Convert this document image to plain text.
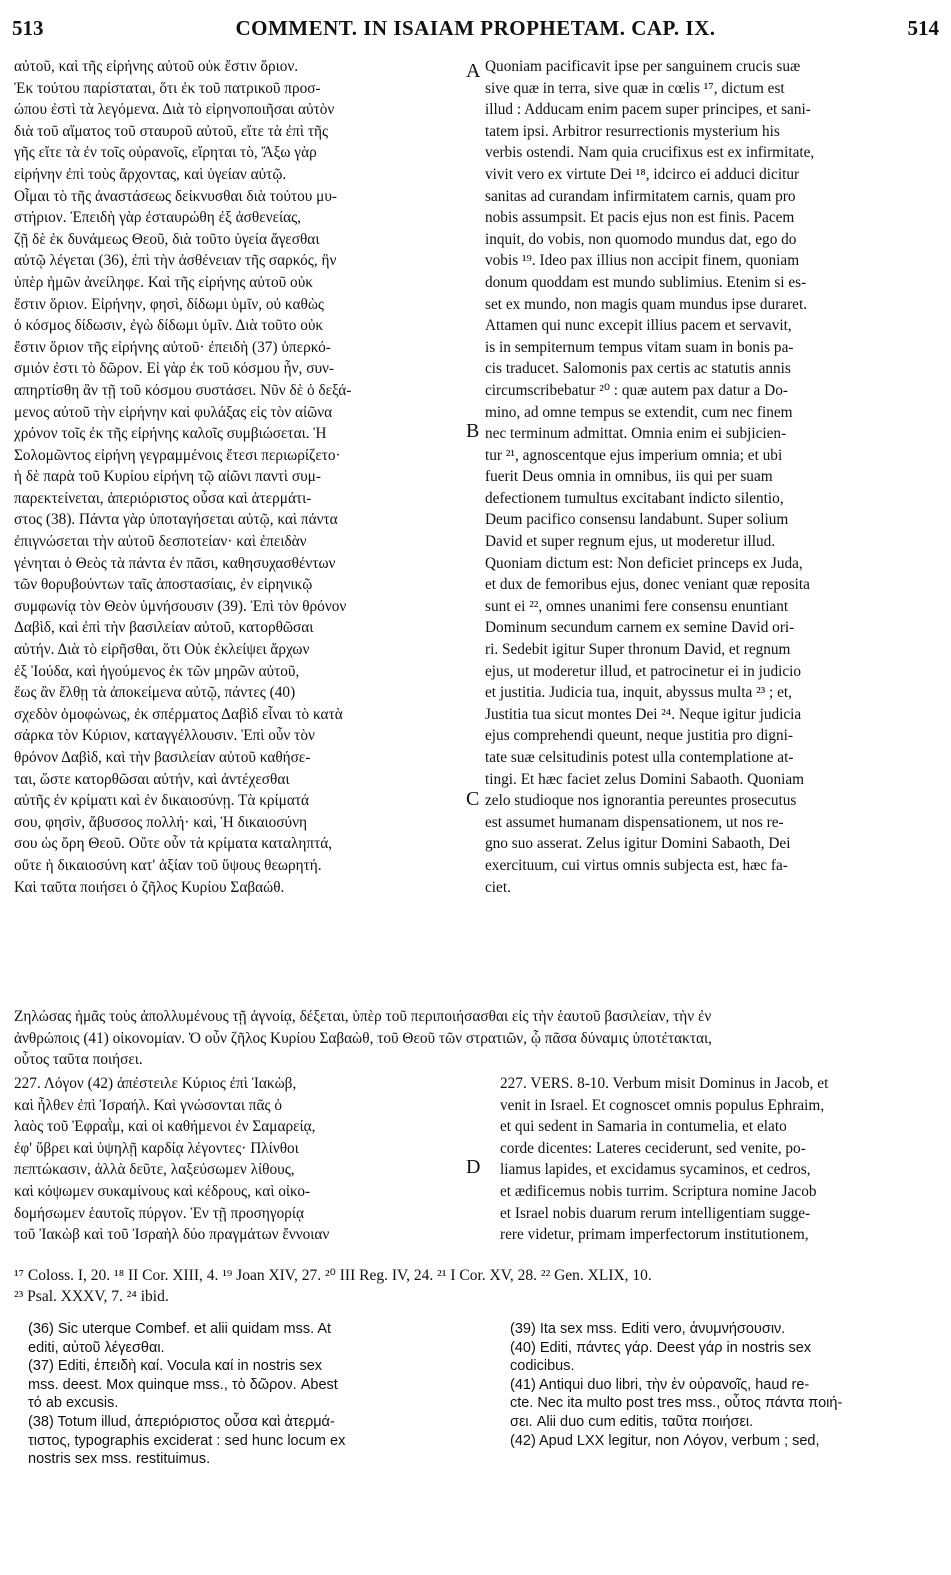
513	COMMENT. IN ISAIAM PROPHETAM. CAP. IX.	514
A
B
C
D
αὐτοῦ, καὶ τῆς εἰρήνης αὐτοῦ οὐκ ἔστιν ὅριον.
Ἐκ τούτου παρίσταται, ὅτι ἐκ τοῦ πατρικοῦ προσ-
ώπου ἐστὶ τὰ λεγόμενα. Διὰ τὸ εἰρηνοποιῆσαι αὐτὸν
διὰ τοῦ αἵματος τοῦ σταυροῦ αὐτοῦ, εἴτε τὰ ἐπὶ τῆς
γῆς εἴτε τὰ ἐν τοῖς οὐρανοῖς, εἴρηται τὸ, Ἄξω γὰρ
εἰρήνην ἐπὶ τοὺς ἄρχοντας, καὶ ὑγείαν αὐτῷ.
Οἶμαι τὸ τῆς ἀναστάσεως δείκνυσθαι διὰ τούτου μυ-
στήριον. Ἐπειδὴ γὰρ ἐσταυρώθη ἐξ ἀσθενείας,
ζῇ δὲ ἐκ δυνάμεως Θεοῦ, διὰ τοῦτο ὑγεία ἄγεσθαι
αὐτῷ λέγεται (36), ἐπὶ τὴν ἀσθένειαν τῆς σαρκός, ἣν
ὑπὲρ ἡμῶν ἀνείληφε. Καὶ τῆς εἰρήνης αὐτοῦ οὐκ
ἔστιν ὅριον. Εἰρήνην, φησὶ, δίδωμι ὑμῖν, οὐ καθὼς
ὁ κόσμος δίδωσιν, ἐγὼ δίδωμι ὑμῖν. Διὰ τοῦτο οὐκ
ἔστιν ὅριον τῆς εἰρήνης αὐτοῦ· ἐπειδὴ (37) ὑπερκό-
σμιόν ἐστι τὸ δῶρον. Εἰ γὰρ ἐκ τοῦ κόσμου ἦν, συν-
απηρτίσθη ἂν τῇ τοῦ κόσμου συστάσει. Νῦν δὲ ὁ δεξά-
μενος αὐτοῦ τὴν εἰρήνην καὶ φυλάξας εἰς τὸν αἰῶνα
χρόνον τοῖς ἐκ τῆς εἰρήνης καλοῖς συμβιώσεται. Ἡ
Σολομῶντος εἰρήνη γεγραμμένοις ἔτεσι περιωρίζετο·
ἡ δὲ παρὰ τοῦ Κυρίου εἰρήνη τῷ αἰῶνι παντὶ συμ-
παρεκτείνεται, ἀπεριόριστος οὖσα καὶ ἀτερμάτι-
στος (38). Πάντα γὰρ ὑποταγήσεται αὐτῷ, καὶ πάντα
ἐπιγνώσεται τὴν αὐτοῦ δεσποτείαν· καὶ ἐπειδὰν
γένηται ὁ Θεὸς τὰ πάντα ἐν πᾶσι, καθησυχασθέντων
τῶν θορυβούντων ταῖς ἀποστασίαις, ἐν εἰρηνικῷ
συμφωνίᾳ τὸν Θεὸν ὑμνήσουσιν (39). Ἐπὶ τὸν θρόνον
Δαβὶδ, καὶ ἐπὶ τὴν βασιλείαν αὐτοῦ, κατορθῶσαι
αὐτήν. Διὰ τὸ εἰρῆσθαι, ὅτι Οὐκ ἐκλείψει ἄρχων
ἐξ Ἰούδα, καὶ ἡγούμενος ἐκ τῶν μηρῶν αὐτοῦ,
ἕως ἂν ἔλθῃ τὰ ἀποκείμενα αὐτῷ, πάντες (40)
σχεδὸν ὁμοφώνως, ἐκ σπέρματος Δαβὶδ εἶναι τὸ κατὰ
σάρκα τὸν Κύριον, καταγγέλλουσιν. Ἐπὶ οὖν τὸν
θρόνον Δαβὶδ, καὶ τὴν βασιλείαν αὐτοῦ καθήσε-
ται, ὥστε κατορθῶσαι αὐτήν, καὶ ἀντέχεσθαι
αὐτῆς ἐν κρίματι καὶ ἐν δικαιοσύνῃ. Τὰ κρίματά
σου, φησὶν, ἄβυσσος πολλή· καὶ, Ἡ δικαιοσύνη
σου ὡς ὄρη Θεοῦ. Οὔτε οὖν τὰ κρίματα καταληπτά,
οὔτε ἡ δικαιοσύνη κατ' ἀξίαν τοῦ ὕψους θεωρητή.
Καὶ ταῦτα ποιήσει ὁ ζῆλος Κυρίου Σαβαώθ.
Quoniam pacificavit ipse per sanguinem crucis suæ
sive quæ in terra, sive quæ in cœlis ¹⁷, dictum est
illud : Adducam enim pacem super principes, et sani-
tatem ipsi. Arbitror resurrectionis mysterium his
verbis ostendi. Nam quia crucifixus est ex infirmitate,
vivit vero ex virtute Dei ¹⁸, idcirco ei adduci dicitur
sanitas ad curandam infirmitatem carnis, quam pro
nobis assumpsit. Et pacis ejus non est finis. Pacem
inquit, do vobis, non quomodo mundus dat, ego do
vobis ¹⁹. Ideo pax illius non accipit finem, quoniam
donum quoddam est mundo sublimius. Etenim si es-
set ex mundo, non magis quam mundus ipse duraret.
Attamen qui nunc excepit illius pacem et servavit,
is in sempiternum tempus vitam suam in bonis pa-
cis traducet. Salomonis pax certis ac statutis annis
circumscribebatur ²⁰ : quæ autem pax datur a Do-
mino, ad omne tempus se extendit, cum nec finem
nec terminum admittat. Omnia enim ei subjicien-
tur ²¹, agnoscentque ejus imperium omnia; et ubi
fuerit Deus omnia in omnibus, iis qui per suam
defectionem tumultus excitabant indicto silentio,
Deum pacifico consensu landabunt. Super solium
David et super regnum ejus, ut moderetur illud.
Quoniam dictum est: Non deficiet princeps ex Juda,
et dux de femoribus ejus, donec veniant quæ reposita
sunt ei ²², omnes unanimi fere consensu enuntiant
Dominum secundum carnem ex semine David ori-
ri. Sedebit igitur Super thronum David, et regnum
ejus, ut moderetur illud, et patrocinetur ei in judicio
et justitia. Judicia tua, inquit, abyssus multa ²³ ; et,
Justitia tua sicut montes Dei ²⁴. Neque igitur judicia
ejus comprehendi queunt, neque justitia pro digni-
tate suæ celsitudinis potest ulla contemplatione at-
tingi. Et hæc faciet zelus Domini Sabaoth. Quoniam
zelo studioque nos ignorantia pereuntes prosecutus
est assumet humanam dispensationem, ut nos re-
gno suo asserat. Zelus igitur Domini Sabaoth, Dei
exercituum, cui virtus omnis subjecta est, hæc fa-
ciet.
Ζηλώσας ἡμᾶς τοὺς ἀπολλυμένους τῇ ἀγνοίᾳ, δέξεται, ὑπὲρ τοῦ περιποιήσασθαι εἰς τὴν ἑαυτοῦ βασιλείαν, τὴν ἐν
ἀνθρώποις (41) οἰκονομίαν. Ὁ οὖν ζῆλος Κυρίου Σαβαὼθ, τοῦ Θεοῦ τῶν στρατιῶν, ᾧ πᾶσα δύναμις ὑποτέτακται,
οὗτος ταῦτα ποιήσει.
227. Λόγον (42) ἀπέστειλε Κύριος ἐπὶ Ἰακὼβ,
καὶ ἦλθεν ἐπὶ Ἰσραήλ. Καὶ γνώσονται πᾶς ὁ
λαὸς τοῦ Ἐφραῒμ, καὶ οἱ καθήμενοι ἐν Σαμαρείᾳ,
ἐφ' ὕβρει καὶ ὑψηλῇ καρδίᾳ λέγοντες· Πλίνθοι
πεπτώκασιν, ἀλλὰ δεῦτε, λαξεύσωμεν λίθους,
καὶ κόψωμεν συκαμίνους καὶ κέδρους, καὶ οἰκο-
δομήσωμεν ἑαυτοῖς πύργον. Ἐν τῇ προσηγορίᾳ
τοῦ Ἰακὼβ καὶ τοῦ Ἰσραὴλ δύο πραγμάτων ἔννοιαν
227. VERS. 8-10. Verbum misit Dominus in Jacob, et
venit in Israel. Et cognoscet omnis populus Ephraim,
et qui sedent in Samaria in contumelia, et elato
corde dicentes: Lateres ceciderunt, sed venite, po-
liamus lapides, et excidamus sycaminos, et cedros,
et ædificemus nobis turrim. Scriptura nomine Jacob
et Israel nobis duarum rerum intelligentiam sugge-
rere videtur, primam imperfectorum institutionem,
¹⁷ Coloss. I, 20. ¹⁸ II Cor. XIII, 4. ¹⁹ Joan XIV, 27. ²⁰ III Reg. IV, 24. ²¹ I Cor. XV, 28. ²² Gen. XLIX, 10.
²³ Psal. XXXV, 7. ²⁴ ibid.
(36) Sic uterque Combef. et alii quidam mss. At
editi, αὐτοῦ λέγεσθαι.
(37) Editi, ἐπειδὴ καί. Vocula καί in nostris sex
mss. deest. Mox quinque mss., τὸ δῶρον. Abest
τό ab excusis.
(38) Totum illud, ἀπεριόριστος οὖσα καὶ ἀτερμά-
τιστος, typographis exciderat : sed hunc locum ex
nostris sex mss. restituimus.
(39) Ita sex mss. Editi vero, ἀνυμνήσουσιν.
(40) Editi, πάντες γάρ. Deest γάρ in nostris sex
codicibus.
(41) Antiqui duo libri, τὴν ἐν οὐρανοῖς, haud re-
cte. Nec ita multo post tres mss., οὗτος πάντα ποιή-
σει. Alii duo cum editis, ταῦτα ποιήσει.
(42) Apud LXX legitur, non Λόγον, verbum ; sed,
